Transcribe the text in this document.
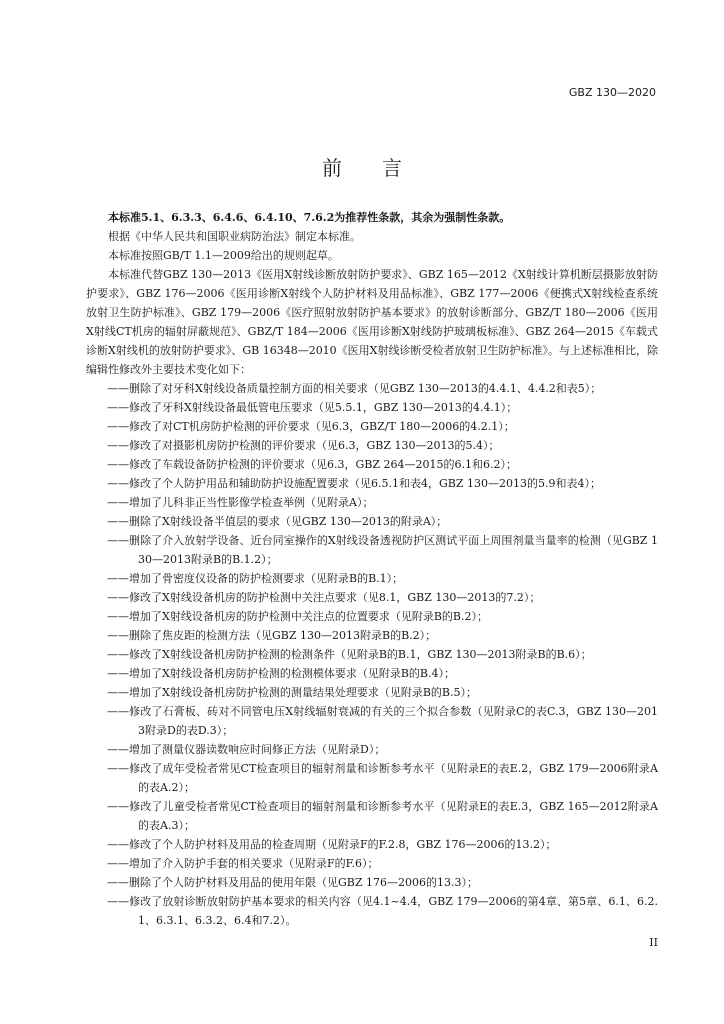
GBZ 130—2020
前言

本标准5.1、6.3.3、6.4.6、6.4.10、7.6.2为推荐性条款，其余为强制性条款。

根据《中华人民共和国职业病防治法》制定本标准。

本标准按照GB/T 1.1—2009给出的规则起草。

本标准代替GBZ 130—2013《医用X射线诊断放射防护要求》、GBZ 165—2012《X射线计算机断层摄影放射防护要求》、GBZ 176—2006《医用诊断X射线个人防护材料及用品标准》、GBZ 177—2006《便携式X射线检查系统放射卫生防护标准》、GBZ 179—2006《医疗照射放射防护基本要求》的放射诊断部分、GBZ/T 180—2006《医用X射线CT机房的辐射屏蔽规范》、GBZ/T 184—2006《医用诊断X射线防护玻璃板标准》、GBZ 264—2015《车载式诊断X射线机的放射防护要求》、GB 16348—2010《医用X射线诊断受检者放射卫生防护标准》。与上述标准相比，除编辑性修改外主要技术变化如下：

——删除了对牙科X射线设备质量控制方面的相关要求（见GBZ 130—2013的4.4.1、4.4.2和表5）；
——修改了牙科X射线设备最低管电压要求（见5.5.1，GBZ 130—2013的4.4.1）；
——修改了对CT机房防护检测的评价要求（见6.3，GBZ/T 180—2006的4.2.1）；
——修改了对摄影机房防护检测的评价要求（见6.3，GBZ 130—2013的5.4）；
——修改了车载设备防护检测的评价要求（见6.3，GBZ 264—2015的6.1和6.2）；
——修改了个人防护用品和辅助防护设施配置要求（见6.5.1和表4，GBZ 130—2013的5.9和表4）；
——增加了儿科非正当性影像学检查举例（见附录A）；
——删除了X射线设备半值层的要求（见GBZ 130—2013的附录A）；
——删除了介入放射学设备、近台同室操作的X射线设备透视防护区测试平面上周围剂量当量率的检测（见GBZ 130—2013附录B的B.1.2）；
——增加了骨密度仪设备的防护检测要求（见附录B的B.1）；
——修改了X射线设备机房的防护检测中关注点要求（见8.1，GBZ 130—2013的7.2）；
——增加了X射线设备机房的防护检测中关注点的位置要求（见附录B的B.2）；
——删除了焦皮距的检测方法（见GBZ 130—2013附录B的B.2）；
——修改了X射线设备机房防护检测的检测条件（见附录B的B.1，GBZ 130—2013附录B的B.6）；
——增加了X射线设备机房防护检测的检测模体要求（见附录B的B.4）；
——增加了X射线设备机房防护检测的测量结果处理要求（见附录B的B.5）；
——修改了石膏板、砖对不同管电压X射线辐射衰减的有关的三个拟合参数（见附录C的表C.3，GBZ 130—2013附录D的表D.3）；
——增加了测量仪器读数响应时间修正方法（见附录D）；
——修改了成年受检者常见CT检查项目的辐射剂量和诊断参考水平（见附录E的表E.2，GBZ 179—2006附录A的表A.2）；
——修改了儿童受检者常见CT检查项目的辐射剂量和诊断参考水平（见附录E的表E.3，GBZ 165—2012附录A的表A.3）；
——修改了个人防护材料及用品的检查周期（见附录F的F.2.8，GBZ 176—2006的13.2）；
——增加了介入防护手套的相关要求（见附录F的F.6）；
——删除了个人防护材料及用品的使用年限（见GBZ 176—2006的13.3）；
——修改了放射诊断放射防护基本要求的相关内容（见4.1~4.4，GBZ 179—2006的第4章、第5章、6.1、6.2.1、6.3.1、6.3.2、6.4和7.2）。
II
